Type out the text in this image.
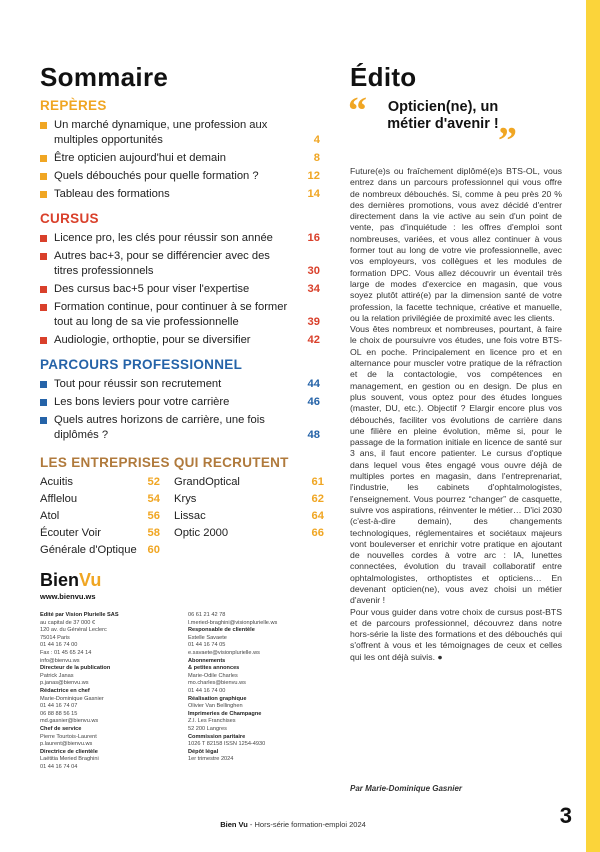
Sommaire	Édito
REPÈRES
Un marché dynamique, une profession aux multiples opportunités	4
Être opticien aujourd'hui et demain	8
Quels débouchés pour quelle formation ?	12
Tableau des formations	14
CURSUS
Licence pro, les clés pour réussir son année	16
Autres bac+3, pour se différencier avec des titres professionnels	30
Des cursus bac+5 pour viser l'expertise	34
Formation continue, pour continuer à se former tout au long de sa vie professionnelle	39
Audiologie, orthoptie, pour se diversifier	42
PARCOURS PROFESSIONNEL
Tout pour réussir son recrutement	44
Les bons leviers pour votre carrière	46
Quels autres horizons de carrière, une fois diplômés ?	48
LES ENTREPRISES QUI RECRUTENT
Acuitis	52 GrandOptical	61
Afflelou	54 Krys	62
Atol	56 Lissac	64
Écouter Voir	58 Optic 2000	66
Générale d'Optique 60
BienVu
www.bienvu.ws
Edité par Vision Plurielle SAS
au capital de 37 000 €
120 av. du Général Leclerc
75014 Paris
01 44 16 74 00
Fax : 01 45 65 24 14
info@bienvu.ws
Directeur de la publication
Patrick Janas
p.janas@bienvu.ws
Rédactrice en chef
Marie-Dominique Gasnier
01 44 16 74 07
06 88 88 56 15
md.gasnier@bienvu.ws
Chef de service
Pierre Tourtois-Laurent
p.laurent@bienvu.ws
Directrice de clientèle
Laëtitia Meried Braghini
01 44 16 74 04
06 61 21 42 78
l.meried-braghini@visionplurielle.ws
Responsable de clientèle
Estelle Savaete
01 44 16 74 05
e.savaete@visionplurielle.ws
Abonnements
& petites annonces
Marie-Odile Charles
mo.charles@bienvu.ws
01 44 16 74 00
Réalisation graphique
Olivier Van Bellinghen
Imprimeries de Champagne
Z.I. Les Franchises
52 200 Langres
Commission paritaire
1026 T 82158 ISSN 1254-4930
Dépôt légal
1er trimestre 2024
“	Opticien(ne), un métier d'avenir ! ”

Future(e)s ou fraîchement diplômé(e)s BTS-OL, vous entrez dans un parcours professionnel qui vous offre de nombreux débouchés. Si, comme à peu près 20 % des dernières promotions, vous avez décidé d'entrer directement dans la vie active au sein d'un point de vente, pas d'inquiétude : les offres d'emploi sont nombreuses, variées, et vous allez continuer à vous former tout au long de votre vie professionnelle, avec vos employeurs, vos collègues et les modules de formation DPC. Vous allez découvrir un éventail très large de modes d'exercice en magasin, que vous soyez plutôt attiré(e) par la dimension santé de votre profession, la facette technique, créative et manuelle, ou la relation privilégiée de proximité avec les clients.

Vous êtes nombreux et nombreuses, pourtant, à faire le choix de poursuivre vos études, une fois votre BTS-OL en poche. Principalement en licence pro et en alternance pour muscler votre pratique de la réfraction et de la contactologie, vos compétences en management, en gestion ou en design. De plus en plus souvent, vous optez pour des études longues (master, DU, etc.). Objectif ? Elargir encore plus vos débouchés, faciliter vos évolutions de carrière dans une filière en pleine évolution, même si, pour le passage de la formation initiale en licence de santé sur 3 ans, il faut encore patienter. Le cursus d'optique dans lequel vous êtes engagé vous ouvre déjà de multiples portes en magasin, dans l'entreprenariat, l'industrie, les cabinets d'ophtalmologistes, l'enseignement. Vous pourrez “changer” de casquette, suivre vos aspirations, réinventer le métier… D'ici 2030 (c'est-à-dire demain), des changements technologiques, réglementaires et sociétaux majeurs vont bouleverser et enrichir votre pratique en ajoutant de nouvelles cordes à votre arc : IA, lunettes connectées, évolution du travail collaboratif entre ophtalmologistes, orthoptistes et opticiens… En devenant opticien(ne), vous avez choisi un métier d'avenir !

Pour vous guider dans votre choix de cursus post-BTS et de parcours professionnel, découvrez dans notre hors-série la liste des formations et des débouchés qui s'offrent à vous et les témoignages de ceux et celles qui les ont déjà suivis. ●

Par Marie-Dominique Gasnier
Bien Vu - Hors-série formation-emploi 2024	3
